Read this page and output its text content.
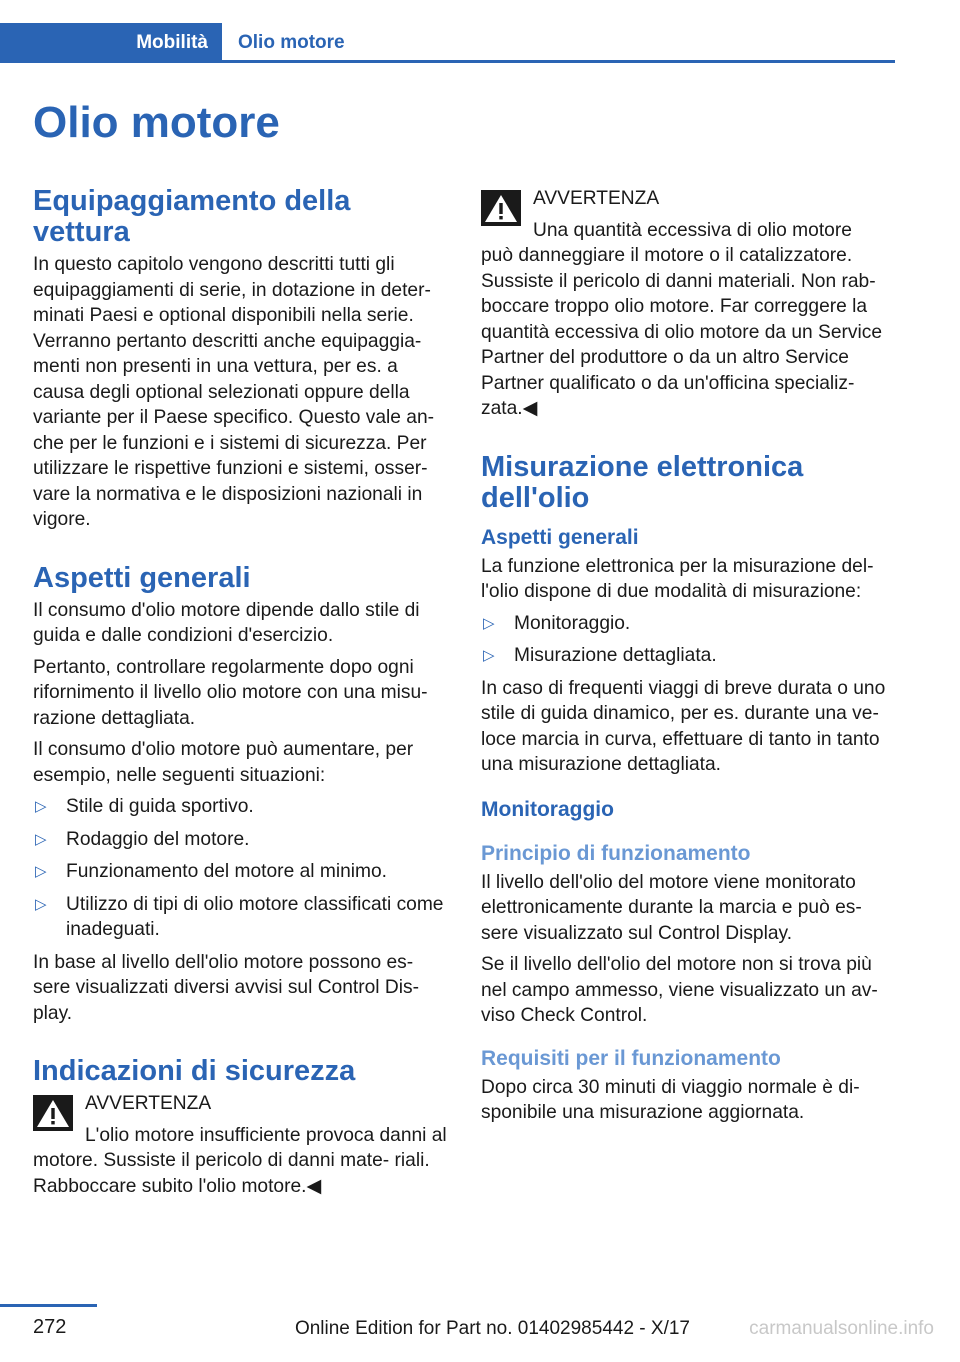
Mobilità	Olio motore
Olio motore
Equipaggiamento della vettura

In questo capitolo vengono descritti tutti gli equipaggiamenti di serie, in dotazione in deter‐ minati Paesi e optional disponibili nella serie. Verranno pertanto descritti anche equipaggia‐ menti non presenti in una vettura, per es. a causa degli optional selezionati oppure della variante per il Paese specifico. Questo vale an‐ che per le funzioni e i sistemi di sicurezza. Per utilizzare le rispettive funzioni e sistemi, osser‐ vare la normativa e le disposizioni nazionali in vigore.

Aspetti generali

Il consumo d'olio motore dipende dallo stile di guida e dalle condizioni d'esercizio.

Pertanto, controllare regolarmente dopo ogni rifornimento il livello olio motore con una misu‐ razione dettagliata.

Il consumo d'olio motore può aumentare, per esempio, nelle seguenti situazioni:

▷ Stile di guida sportivo.
▷ Rodaggio del motore.
▷ Funzionamento del motore al minimo.
▷ Utilizzo di tipi di olio motore classificati come inadeguati.

In base al livello dell'olio motore possono es‐ sere visualizzati diversi avvisi sul Control Dis‐ play.

Indicazioni di sicurezza
AVVERTENZA
L'olio motore insufficiente provoca danni al motore. Sussiste il pericolo di danni mate‐ riali. Rabboccare subito l'olio motore.◀
AVVERTENZA
Una quantità eccessiva di olio motore
può danneggiare il motore o il catalizzatore. Sussiste il pericolo di danni materiali. Non rab‐ boccare troppo olio motore. Far correggere la quantità eccessiva di olio motore da un Service Partner del produttore o da un altro Service Partner qualificato o da un'officina specializ‐ zata.◀
Misurazione elettronica dell'olio
Aspetti generali

La funzione elettronica per la misurazione del‐ l'olio dispone di due modalità di misurazione:

▷ Monitoraggio.
▷ Misurazione dettagliata.

In caso di frequenti viaggi di breve durata o uno stile di guida dinamico, per es. durante una ve‐ loce marcia in curva, effettuare di tanto in tanto una misurazione dettagliata.

Monitoraggio
Principio di funzionamento

Il livello dell'olio del motore viene monitorato elettronicamente durante la marcia e può es‐ sere visualizzato sul Control Display.

Se il livello dell'olio del motore non si trova più nel campo ammesso, viene visualizzato un av‐ viso Check Control.

Requisiti per il funzionamento

Dopo circa 30 minuti di viaggio normale è di‐ sponibile una misurazione aggiornata.

272	Online Edition for Part no. 01402985442 - X/17	carmanualsonline.info
